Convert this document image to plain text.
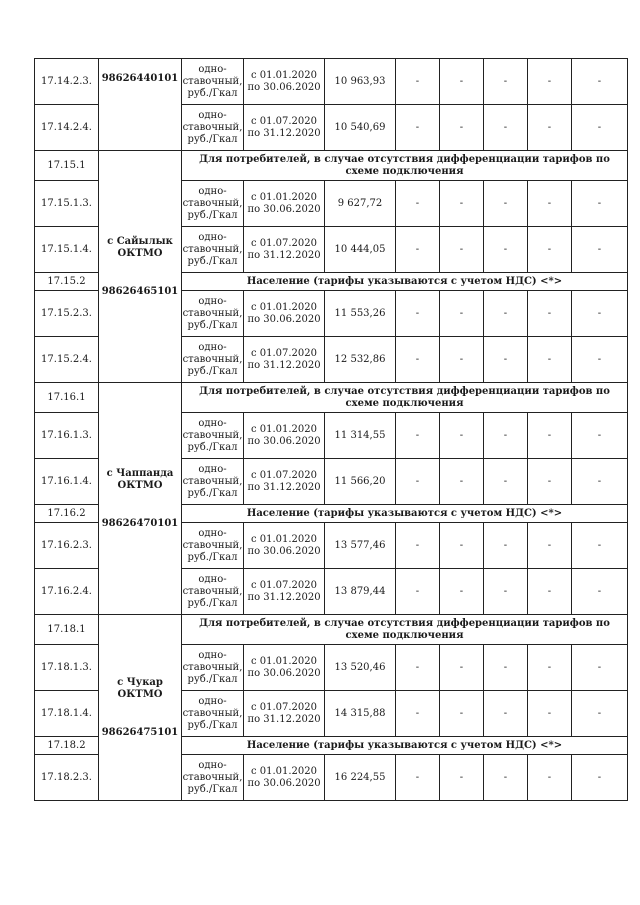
17.14.2.3.	98626440101	одно-
ставочный,
руб./Гкал	с 01.01.2020
по 30.06.2020	10 963,93	-	-	-	-	-
17.14.2.4.		одно-
ставочный,
руб./Гкал	с 01.07.2020
по 31.12.2020	10 540,69	-	-	-	-	-
17.15.1	с Сайылык
ОКТМО
98626465101	Для потребителей, в случае отсутствия дифференциации тарифов по схеме подключения							
17.15.1.3.		одно-
ставочный,
руб./Гкал	с 01.01.2020
по 30.06.2020	9 627,72	-	-	-	-	-
17.15.1.4.		одно-
ставочный,
руб./Гкал	с 01.07.2020
по 31.12.2020	10 444,05	-	-	-	-	-
17.15.2		Население (тарифы указываются с учетом НДС) <*>							
17.15.2.3.		одно-
ставочный,
руб./Гкал	с 01.01.2020
по 30.06.2020	11 553,26	-	-	-	-	-
17.15.2.4.		одно-
ставочный,
руб./Гкал	с 01.07.2020
по 31.12.2020	12 532,86	-	-	-	-	-
17.16.1	с Чаппанда
ОКТМО
98626470101	Для потребителей, в случае отсутствия дифференциации тарифов по схеме подключения							
17.16.1.3.		одно-
ставочный,
руб./Гкал	с 01.01.2020
по 30.06.2020	11 314,55	-	-	-	-	-
17.16.1.4.		одно-
ставочный,
руб./Гкал	с 01.07.2020
по 31.12.2020	11 566,20	-	-	-	-	-
17.16.2		Население (тарифы указываются с учетом НДС) <*>							
17.16.2.3.		одно-
ставочный,
руб./Гкал	с 01.01.2020
по 30.06.2020	13 577,46	-	-	-	-	-
17.16.2.4.		одно-
ставочный,
руб./Гкал	с 01.07.2020
по 31.12.2020	13 879,44	-	-	-	-	-
17.18.1	с Чукар
ОКТМО
98626475101	Для потребителей, в случае отсутствия дифференциации тарифов по схеме подключения							
17.18.1.3.		одно-
ставочный,
руб./Гкал	с 01.01.2020
по 30.06.2020	13 520,46	-	-	-	-	-
17.18.1.4.		одно-
ставочный,
руб./Гкал	с 01.07.2020
по 31.12.2020	14 315,88	-	-	-	-	-
17.18.2		Население (тарифы указываются с учетом НДС) <*>							
17.18.2.3.		одно-
ставочный,
руб./Гкал	с 01.01.2020
по 30.06.2020	16 224,55	-	-	-	-	-
